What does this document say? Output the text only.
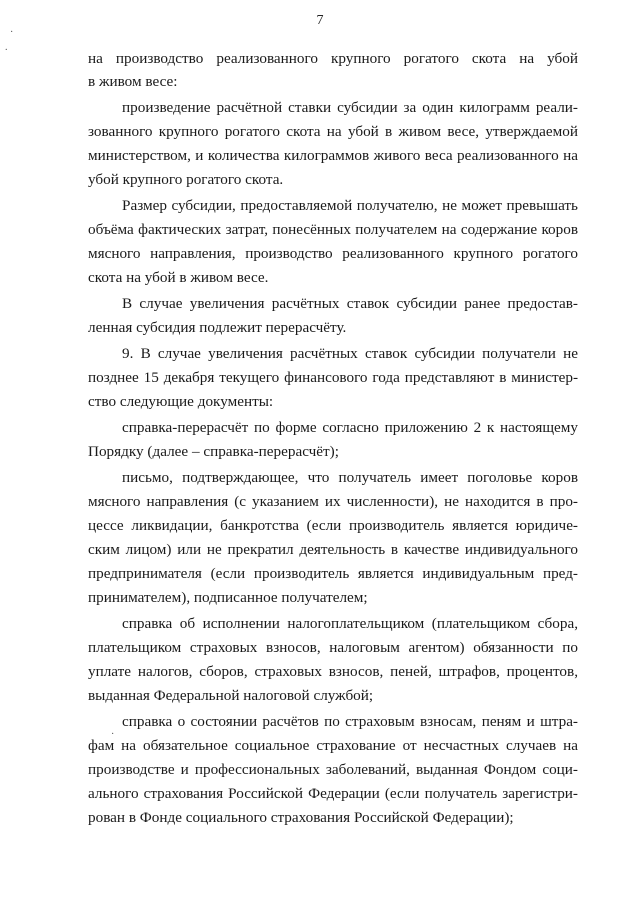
7
·
.
на производство реализованного крупного рогатого скота на убой
в живом весе:
произведение расчётной ставки субсидии за один килограмм реали-
зованного крупного рогатого скота на убой в живом весе, утверждаемой
министерством, и количества килограммов живого веса реализованного на
убой крупного рогатого скота.
Размер субсидии, предоставляемой получателю, не может превышать
объёма фактических затрат, понесённых получателем на содержание коров
мясного направления, производство реализованного крупного рогатого
скота на убой в живом весе.
В случае увеличения расчётных ставок субсидии ранее предостав-
ленная субсидия подлежит перерасчёту.
9. В случае увеличения расчётных ставок субсидии получатели не
позднее 15 декабря текущего финансового года представляют в министер-
ство следующие документы:
справка-перерасчёт по форме согласно приложению 2 к настоящему
Порядку (далее – справка-перерасчёт);
письмо, подтверждающее, что получатель имеет поголовье коров
мясного направления (с указанием их численности), не находится в про-
цессе ликвидации, банкротства (если производитель является юридиче-
ским лицом) или не прекратил деятельность в качестве индивидуального
предпринимателя (если производитель является индивидуальным пред-
принимателем), подписанное получателем;
справка об исполнении налогоплательщиком (плательщиком сбора,
плательщиком страховых взносов, налоговым агентом) обязанности по
уплате налогов, сборов, страховых взносов, пеней, штрафов, процентов,
выданная Федеральной налоговой службой;
справка о состоянии расчётов по страховым взносам, пеням и штра-
фам на обязательное социальное страхование от несчастных случаев на
производстве и профессиональных заболеваний, выданная Фондом соци-
ального страхования Российской Федерации (если получатель зарегистри-
рован в Фонде социального страхования Российской Федерации);
·
